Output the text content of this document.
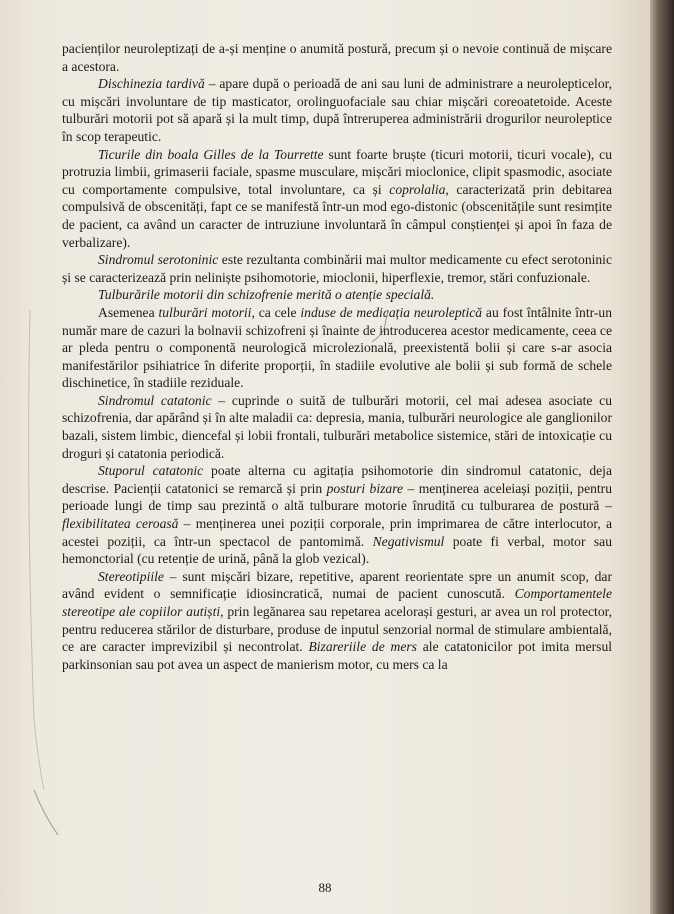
pacienților neuroleptizați de a-și menține o anumită postură, precum și o nevoie continuă de mișcare a acestora.

Dischinezia tardivă – apare după o perioadă de ani sau luni de administrare a neurolepticelor, cu mișcări involuntare de tip masticator, orolinguofaciale sau chiar mișcări coreoatetoide. Aceste tulburări motorii pot să apară și la mult timp, după întreruperea administrării drogurilor neuroleptice în scop terapeutic.

Ticurile din boala Gilles de la Tourrette sunt foarte bruște (ticuri motorii, ticuri vocale), cu protruzia limbii, grimaserii faciale, spasme musculare, mișcări mioclonice, clipit spasmodic, asociate cu comportamente compulsive, total involuntare, ca și coprolalia, caracterizată prin debitarea compulsivă de obscenități, fapt ce se manifestă într-un mod ego-distonic (obscenitățile sunt resimțite de pacient, ca având un caracter de intruziune involuntară în câmpul conștienței și apoi în faza de verbalizare).

Sindromul serotoninic este rezultanta combinării mai multor medicamente cu efect serotoninic și se caracterizează prin neliniște psihomotorie, mioclonii, hiperflexie, tremor, stări confuzionale.

Tulburările motorii din schizofrenie merită o atenție specială.

Asemenea tulburări motorii, ca cele induse de medicația neuroleptică au fost întâlnite într-un număr mare de cazuri la bolnavii schizofreni și înainte de introducerea acestor medicamente, ceea ce ar pleda pentru o componentă neurologică microlezională, preexistentă bolii și care s-ar asocia manifestărilor psihiatrice în diferite proporții, în stadiile evolutive ale bolii și sub formă de schele dischinetice, în stadiile reziduale.

Sindromul catatonic – cuprinde o suită de tulburări motorii, cel mai adesea asociate cu schizofrenia, dar apărând și în alte maladii ca: depresia, mania, tulburări neurologice ale ganglionilor bazali, sistem limbic, diencefal și lobii frontali, tulburări metabolice sistemice, stări de intoxicație cu droguri și catatonia periodică.

Stuporul catatonic poate alterna cu agitația psihomotorie din sindromul catatonic, deja descrise. Pacienții catatonici se remarcă și prin posturi bizare – menținerea aceleiași poziții, pentru perioade lungi de timp sau prezintă o altă tulburare motorie înrudită cu tulburarea de postură – flexibilitatea ceroasă – menținerea unei poziții corporale, prin imprimarea de către interlocutor, a acestei poziții, ca într-un spectacol de pantomimă. Negativismul poate fi verbal, motor sau hemonctorial (cu retenție de urină, până la glob vezical).

Stereotipiile – sunt mișcări bizare, repetitive, aparent reorientate spre un anumit scop, dar având evident o semnificație idiosincratică, numai de pacient cunoscută. Comportamentele stereotipe ale copiilor autiști, prin legănarea sau repetarea acelorași gesturi, ar avea un rol protector, pentru reducerea stărilor de disturbare, produse de inputul senzorial normal de stimulare ambientală, ce are caracter imprevizibil și necontrolat. Bizareriile de mers ale catatonicilor pot imita mersul parkinsonian sau pot avea un aspect de manierism motor, cu mers ca la

88
